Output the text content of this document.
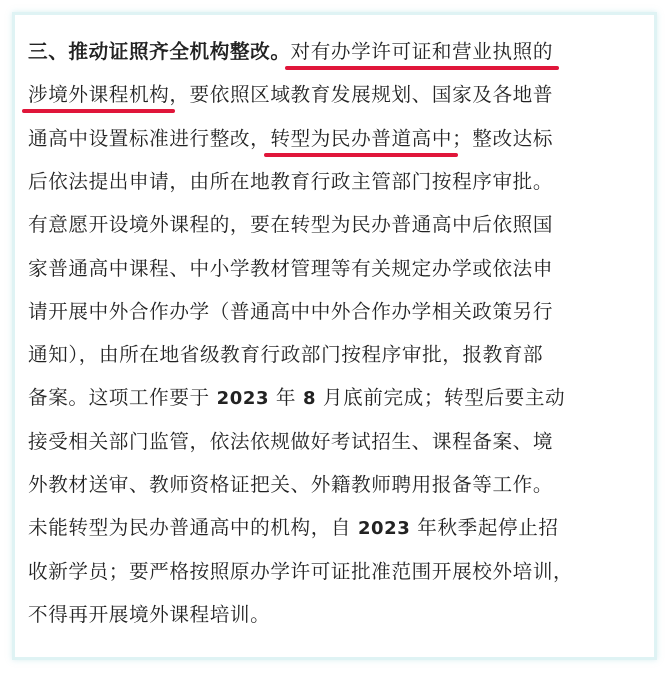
三、推动证照齐全机构整改。对有办学许可证和营业执照的
涉境外课程机构，要依照区域教育发展规划、国家及各地普
通高中设置标准进行整改，转型为民办普道高中；整改达标
后依法提出申请，由所在地教育行政主管部门按程序审批。
有意愿开设境外课程的，要在转型为民办普通高中后依照国
家普通高中课程、中小学教材管理等有关规定办学或依法申
请开展中外合作办学（普通高中中外合作办学相关政策另行
通知），由所在地省级教育行政部门按程序审批，报教育部
备案。这项工作要于 2023 年 8 月底前完成；转型后要主动
接受相关部门监管，依法依规做好考试招生、课程备案、境
外教材送审、教师资格证把关、外籍教师聘用报备等工作。
未能转型为民办普通高中的机构，自 2023 年秋季起停止招
收新学员；要严格按照原办学许可证批准范围开展校外培训，
不得再开展境外课程培训。
